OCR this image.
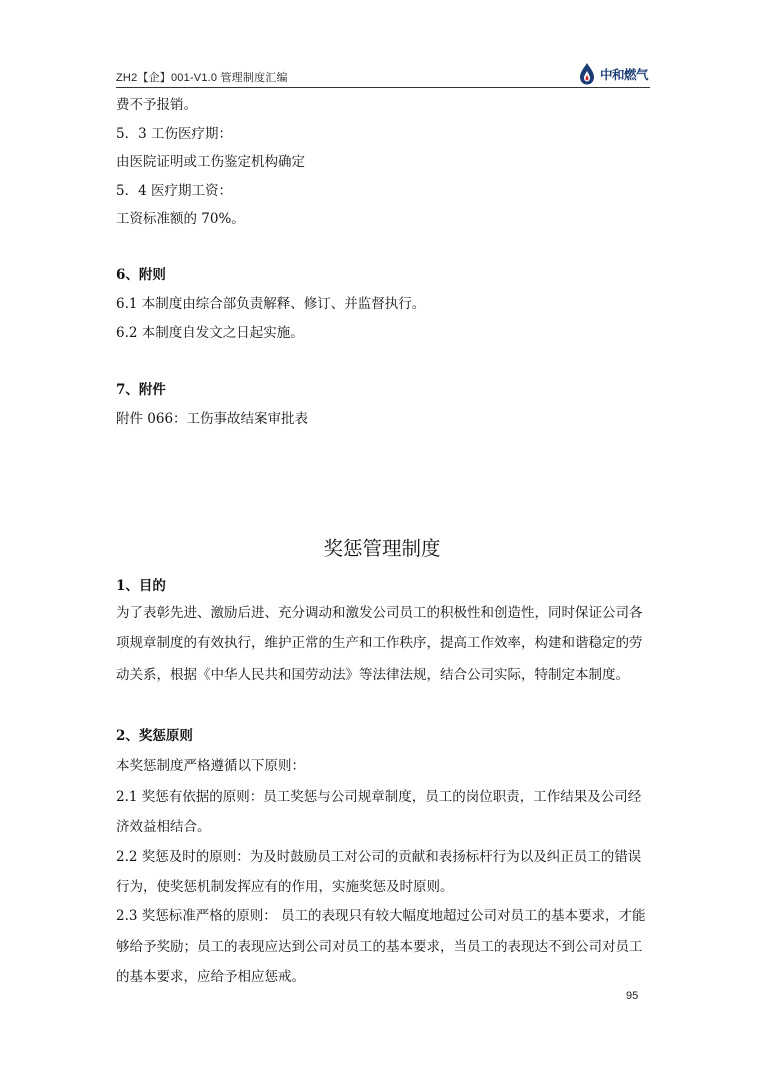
ZH2【企】001-V1.0 管理制度汇编	中和燃气
费不予报销。
5．3 工伤医疗期：
由医院证明或工伤鉴定机构确定
5．4 医疗期工资：
工资标准额的 70%。
6、附则
6.1 本制度由综合部负责解释、修订、并监督执行。
6.2 本制度自发文之日起实施。
7、附件
附件 066：工伤事故结案审批表
奖惩管理制度
1、目的
为了表彰先进、激励后进、充分调动和激发公司员工的积极性和创造性，同时保证公司各
项规章制度的有效执行，维护正常的生产和工作秩序，提高工作效率，构建和谐稳定的劳
动关系，根据《中华人民共和国劳动法》等法律法规，结合公司实际，特制定本制度。
2、奖惩原则
本奖惩制度严格遵循以下原则：
2.1 奖惩有依据的原则：员工奖惩与公司规章制度，员工的岗位职责，工作结果及公司经
济效益相结合。
2.2 奖惩及时的原则：为及时鼓励员工对公司的贡献和表扬标杆行为以及纠正员工的错误
行为，使奖惩机制发挥应有的作用，实施奖惩及时原则。
2.3 奖惩标准严格的原则： 员工的表现只有较大幅度地超过公司对员工的基本要求，才能
够给予奖励；员工的表现应达到公司对员工的基本要求，当员工的表现达不到公司对员工
的基本要求，应给予相应惩戒。
95
